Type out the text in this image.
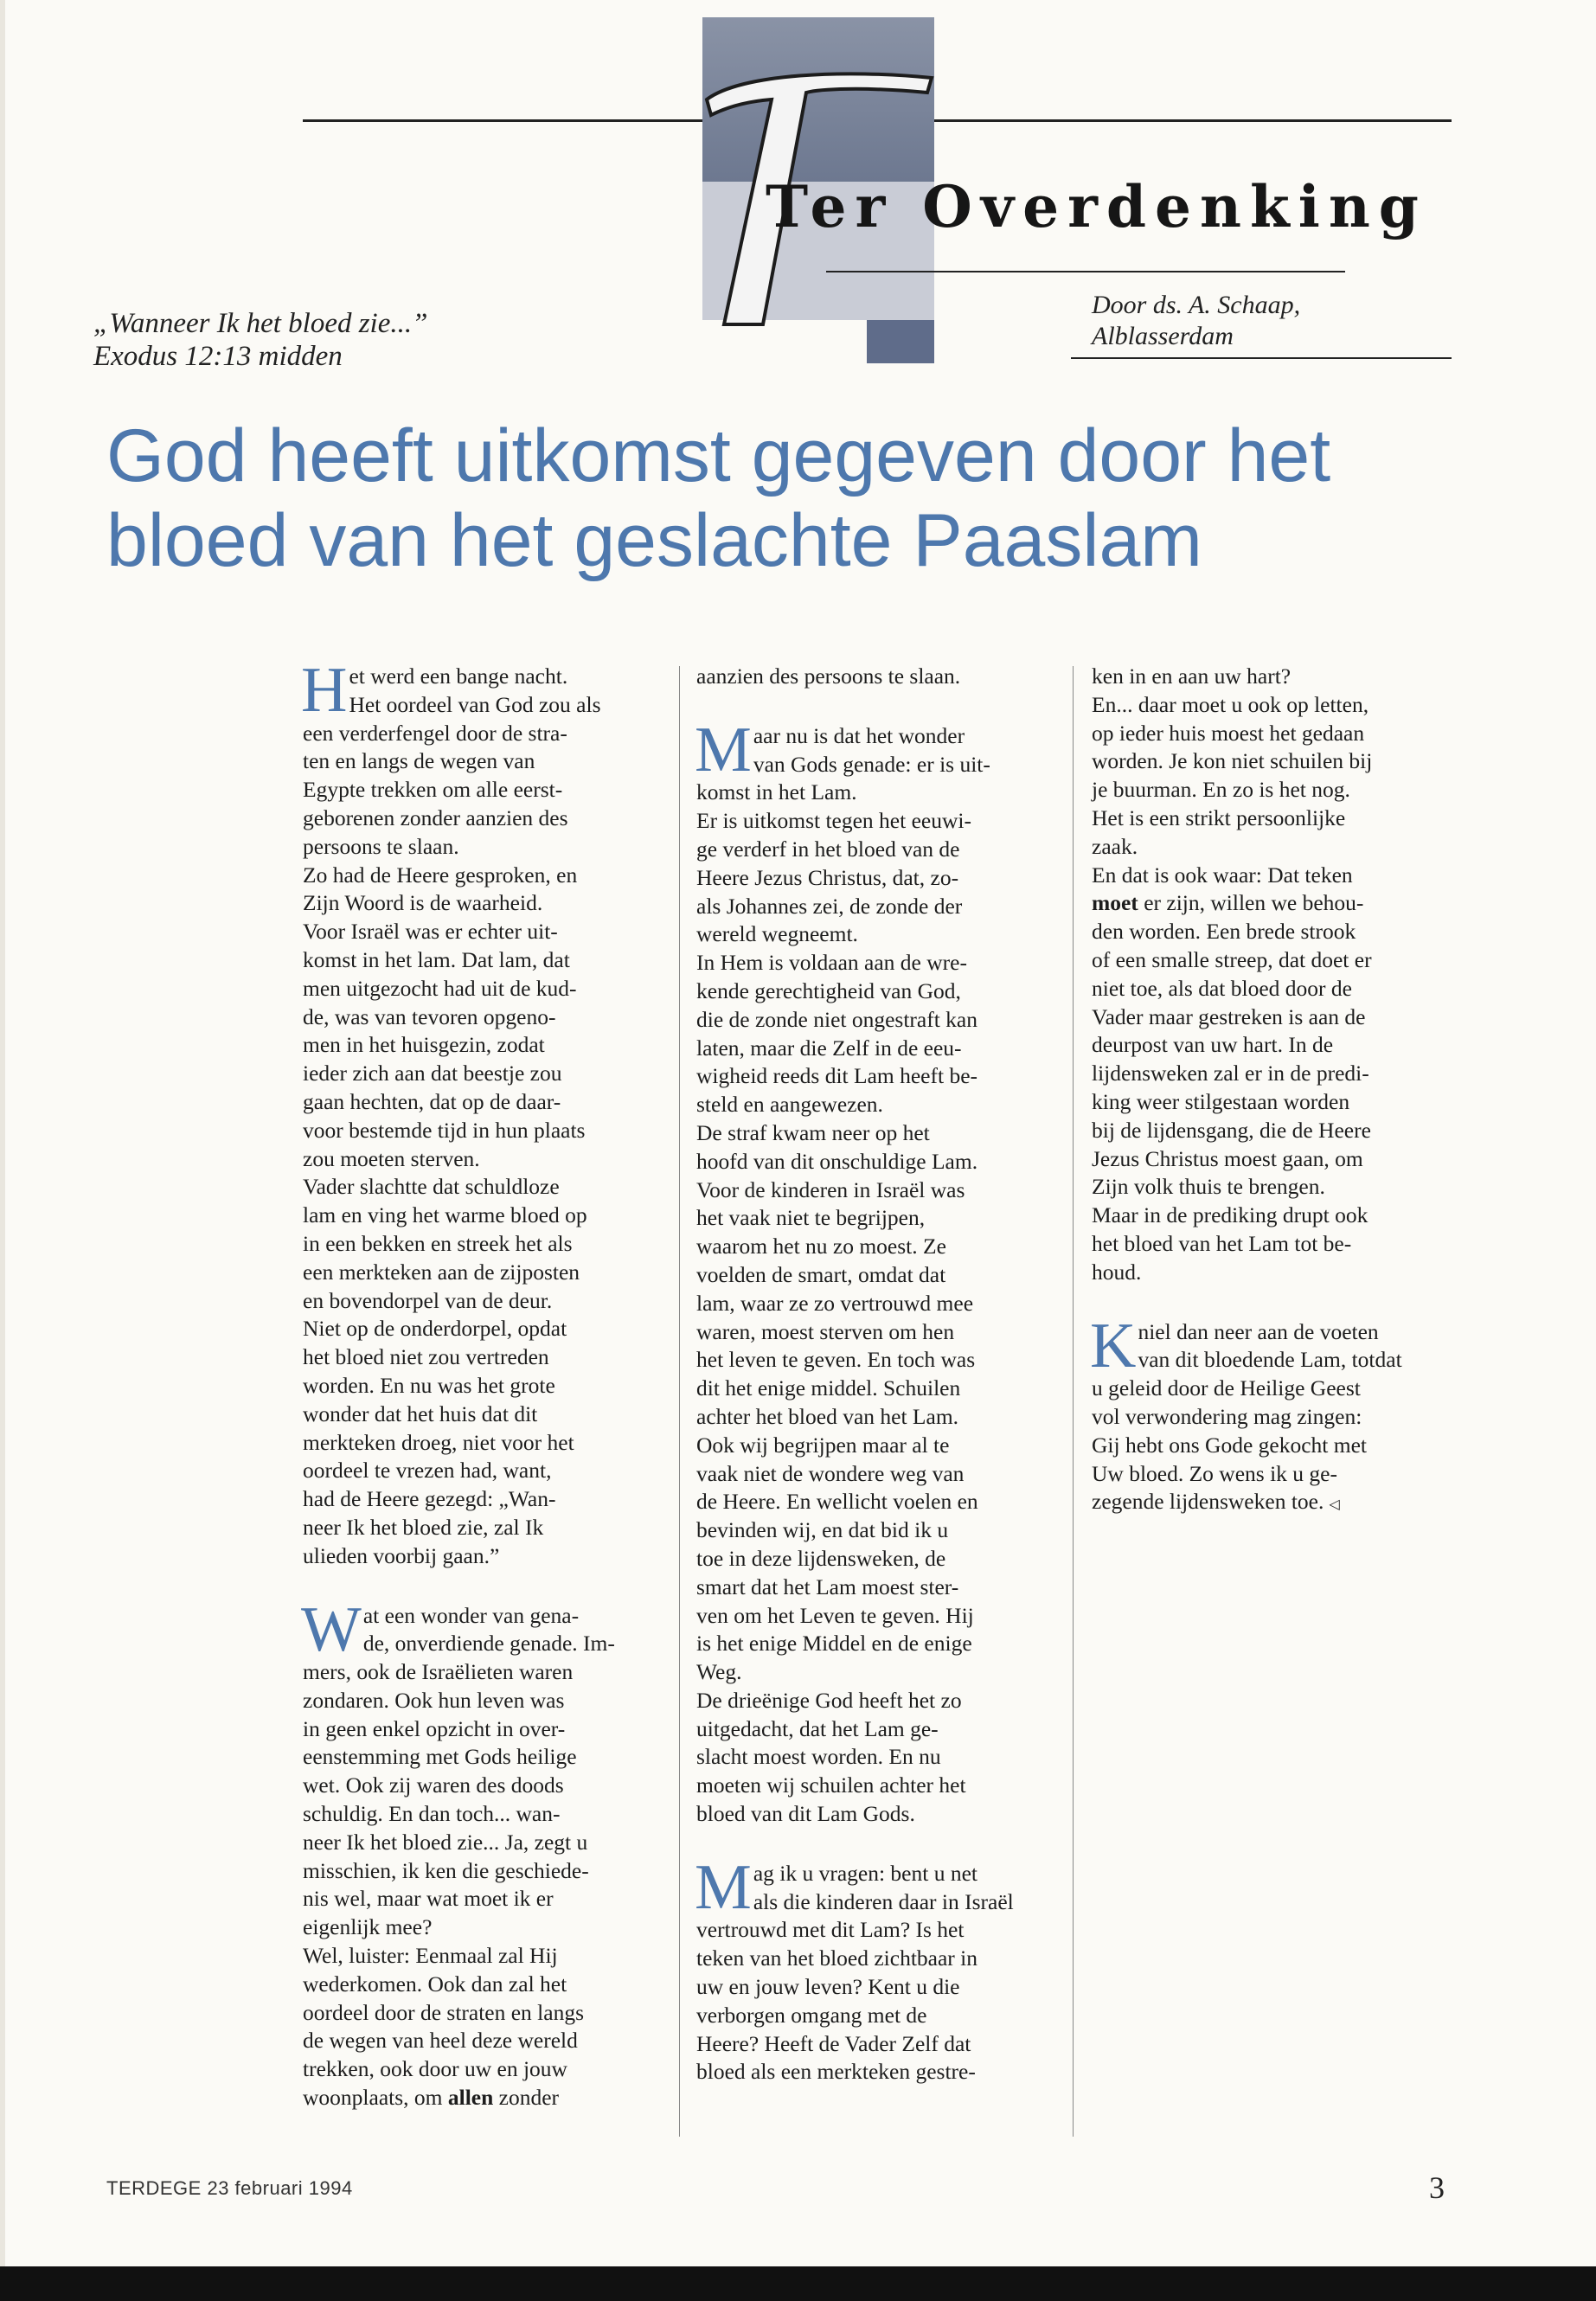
Ter Overdenking
„Wanneer Ik het bloed zie...”
Exodus 12:13 midden
Door ds. A. Schaap,
Alblasserdam
God heeft uitkomst gegeven door het
bloed van het geslachte Paaslam

H et werd een bange nacht.
Het oordeel van God zou als
een verderfengel door de stra-
ten en langs de wegen van
Egypte trekken om alle eerst-
geborenen zonder aanzien des
persoons te slaan.
Zo had de Heere gesproken, en
Zijn Woord is de waarheid.
Voor Israël was er echter uit-
komst in het lam. Dat lam, dat
men uitgezocht had uit de kud-
de, was van tevoren opgeno-
men in het huisgezin, zodat
ieder zich aan dat beestje zou
gaan hechten, dat op de daar-
voor bestemde tijd in hun plaats
zou moeten sterven.
Vader slachtte dat schuldloze
lam en ving het warme bloed op
in een bekken en streek het als
een merkteken aan de zijposten
en bovendorpel van de deur.
Niet op de onderdorpel, opdat
het bloed niet zou vertreden
worden. En nu was het grote
wonder dat het huis dat dit
merkteken droeg, niet voor het
oordeel te vrezen had, want,
had de Heere gezegd: „Wan-
neer Ik het bloed zie, zal Ik
ulieden voorbij gaan.”

W at een wonder van gena-
de, onverdiende genade. Im-
mers, ook de Israëlieten waren
zondaren. Ook hun leven was
in geen enkel opzicht in over-
eenstemming met Gods heilige
wet. Ook zij waren des doods
schuldig. En dan toch... wan-
neer Ik het bloed zie... Ja, zegt u
misschien, ik ken die geschiede-
nis wel, maar wat moet ik er
eigenlijk mee?
Wel, luister: Eenmaal zal Hij
wederkomen. Ook dan zal het
oordeel door de straten en langs
de wegen van heel deze wereld
trekken, ook door uw en jouw
woonplaats, om allen zonder

aanzien des persoons te slaan.

M aar nu is dat het wonder
van Gods genade: er is uit-
komst in het Lam.
Er is uitkomst tegen het eeuwi-
ge verderf in het bloed van de
Heere Jezus Christus, dat, zo-
als Johannes zei, de zonde der
wereld wegneemt.
In Hem is voldaan aan de wre-
kende gerechtigheid van God,
die de zonde niet ongestraft kan
laten, maar die Zelf in de eeu-
wigheid reeds dit Lam heeft be-
steld en aangewezen.
De straf kwam neer op het
hoofd van dit onschuldige Lam.
Voor de kinderen in Israël was
het vaak niet te begrijpen,
waarom het nu zo moest. Ze
voelden de smart, omdat dat
lam, waar ze zo vertrouwd mee
waren, moest sterven om hen
het leven te geven. En toch was
dit het enige middel. Schuilen
achter het bloed van het Lam.
Ook wij begrijpen maar al te
vaak niet de wondere weg van
de Heere. En wellicht voelen en
bevinden wij, en dat bid ik u
toe in deze lijdensweken, de
smart dat het Lam moest ster-
ven om het Leven te geven. Hij
is het enige Middel en de enige
Weg.
De drieënige God heeft het zo
uitgedacht, dat het Lam ge-
slacht moest worden. En nu
moeten wij schuilen achter het
bloed van dit Lam Gods.

M ag ik u vragen: bent u net
als die kinderen daar in Israël
vertrouwd met dit Lam? Is het
teken van het bloed zichtbaar in
uw en jouw leven? Kent u die
verborgen omgang met de
Heere? Heeft de Vader Zelf dat
bloed als een merkteken gestre-

ken in en aan uw hart?
En... daar moet u ook op letten,
op ieder huis moest het gedaan
worden. Je kon niet schuilen bij
je buurman. En zo is het nog.
Het is een strikt persoonlijke
zaak.
En dat is ook waar: Dat teken
moet er zijn, willen we behou-
den worden. Een brede strook
of een smalle streep, dat doet er
niet toe, als dat bloed door de
Vader maar gestreken is aan de
deurpost van uw hart. In de
lijdensweken zal er in de predi-
king weer stilgestaan worden
bij de lijdensgang, die de Heere
Jezus Christus moest gaan, om
Zijn volk thuis te brengen.
Maar in de prediking drupt ook
het bloed van het Lam tot be-
houd.

K niel dan neer aan de voeten
van dit bloedende Lam, totdat
u geleid door de Heilige Geest
vol verwondering mag zingen:
Gij hebt ons Gode gekocht met
Uw bloed. Zo wens ik u ge-
zegende lijdensweken toe. ◁

TERDEGE 23 februari 1994	3
